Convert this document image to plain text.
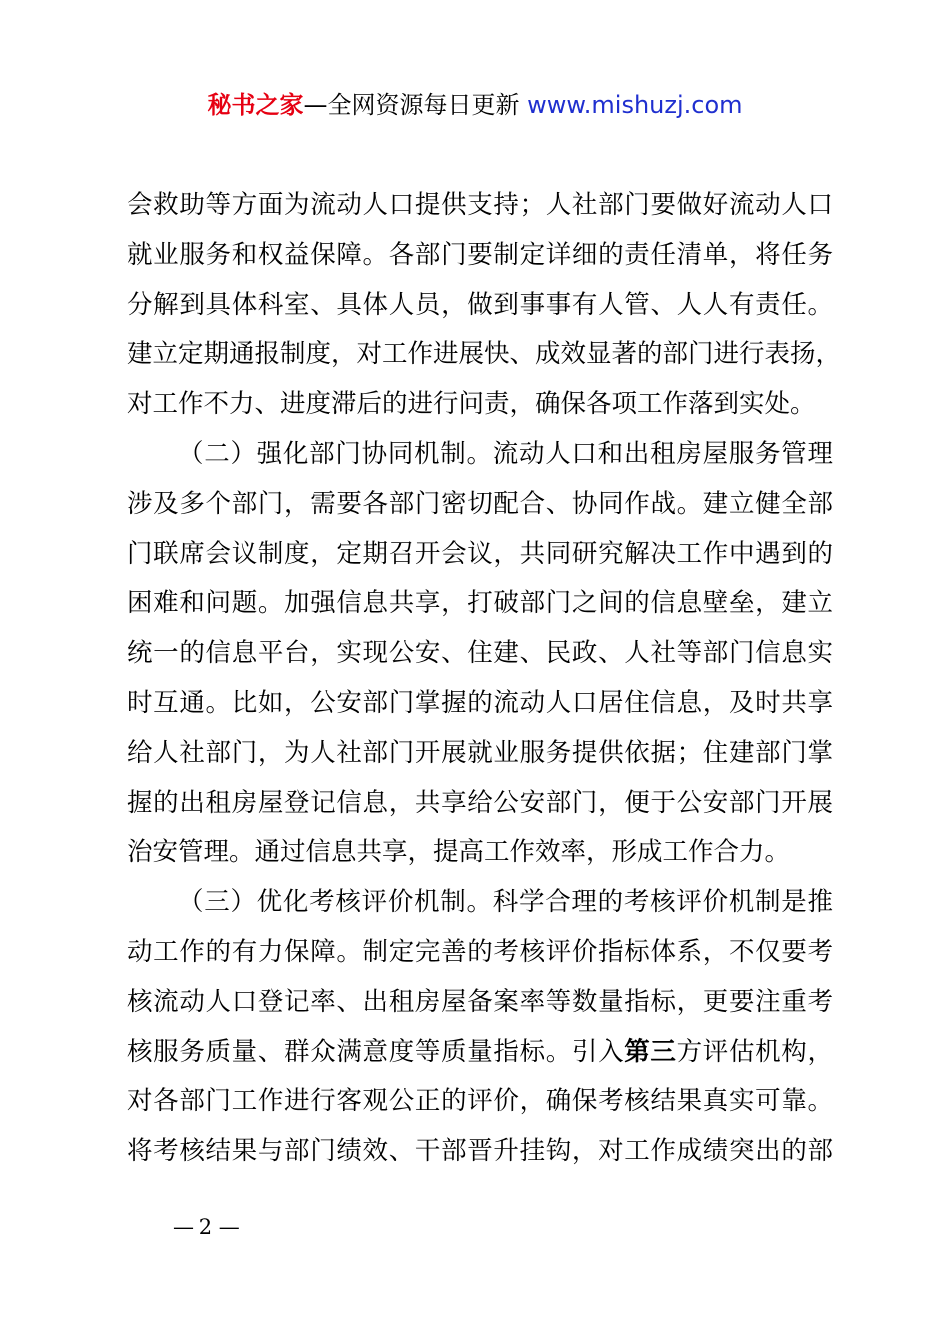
秘书之家—全网资源每日更新 www.mishuzj.com
会救助等方面为流动人口提供支持；人社部门要做好流动人口
就业服务和权益保障。各部门要制定详细的责任清单，将任务
分解到具体科室、具体人员，做到事事有人管、人人有责任。
建立定期通报制度，对工作进展快、成效显著的部门进行表扬，
对工作不力、进度滞后的进行问责，确保各项工作落到实处。
（二）强化部门协同机制。流动人口和出租房屋服务管理
涉及多个部门，需要各部门密切配合、协同作战。建立健全部
门联席会议制度，定期召开会议，共同研究解决工作中遇到的
困难和问题。加强信息共享，打破部门之间的信息壁垒，建立
统一的信息平台，实现公安、住建、民政、人社等部门信息实
时互通。比如，公安部门掌握的流动人口居住信息，及时共享
给人社部门，为人社部门开展就业服务提供依据；住建部门掌
握的出租房屋登记信息，共享给公安部门，便于公安部门开展
治安管理。通过信息共享，提高工作效率，形成工作合力。
（三）优化考核评价机制。科学合理的考核评价机制是推
动工作的有力保障。制定完善的考核评价指标体系，不仅要考
核流动人口登记率、出租房屋备案率等数量指标，更要注重考
核服务质量、群众满意度等质量指标。引入第三方评估机构，
对各部门工作进行客观公正的评价，确保考核结果真实可靠。
将考核结果与部门绩效、干部晋升挂钩，对工作成绩突出的部
— 2 —
